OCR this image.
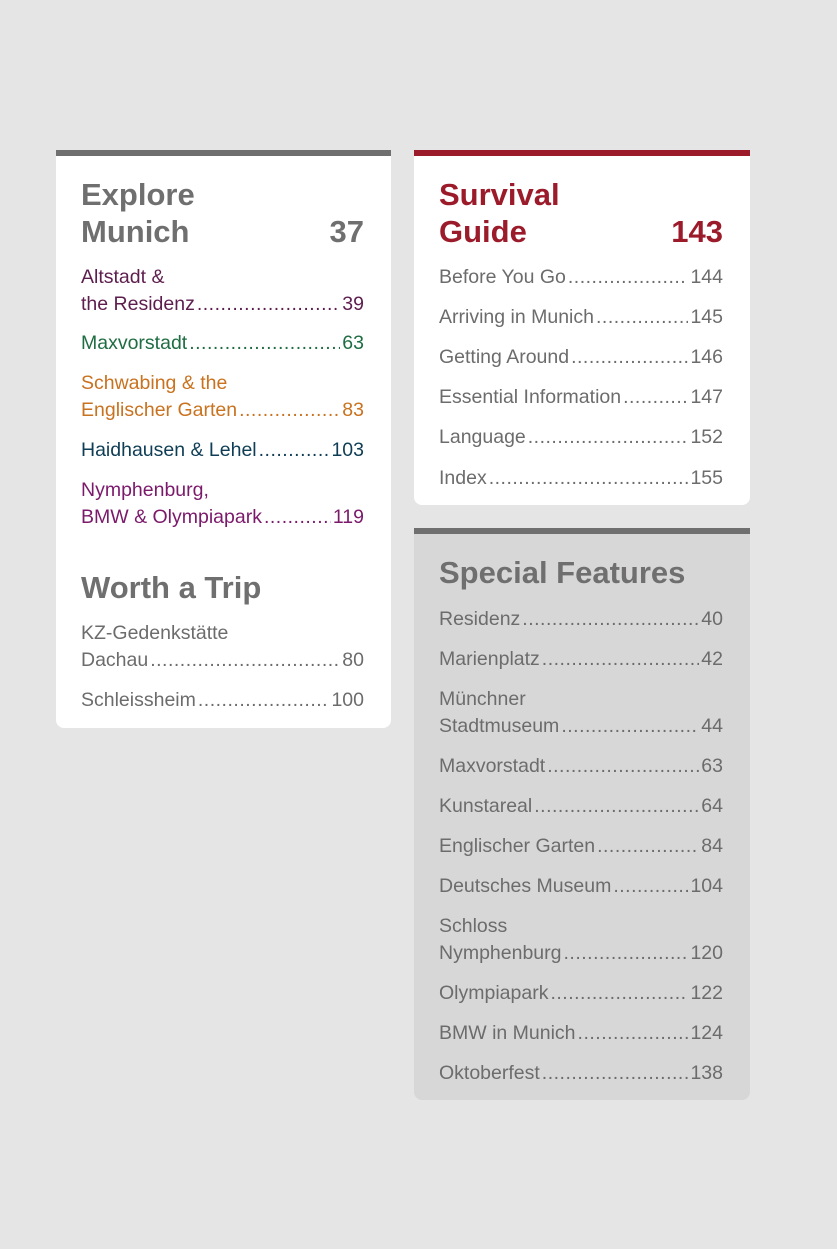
Explore
Munich	37
Altstadt &
the Residenz .....	39
Maxvorstadt .....	63
Schwabing & the
Englischer Garten .....	83
Haidhausen & Lehel .....	103
Nymphenburg,
BMW & Olympiapark .....	119
Worth a Trip
KZ-Gedenkstätte
Dachau .....	80
Schleissheim .....	100
Survival
Guide	143
Before You Go .....	144
Arriving in Munich .....	145
Getting Around .....	146
Essential Information .....	147
Language .....	152
Index .....	155
Special Features
Residenz .....	40
Marienplatz .....	42
Münchner
Stadtmuseum .....	44
Maxvorstadt .....	63
Kunstareal .....	64
Englischer Garten .....	84
Deutsches Museum .....	104
Schloss
Nymphenburg .....	120
Olympiapark .....	122
BMW in Munich .....	124
Oktoberfest .....	138
